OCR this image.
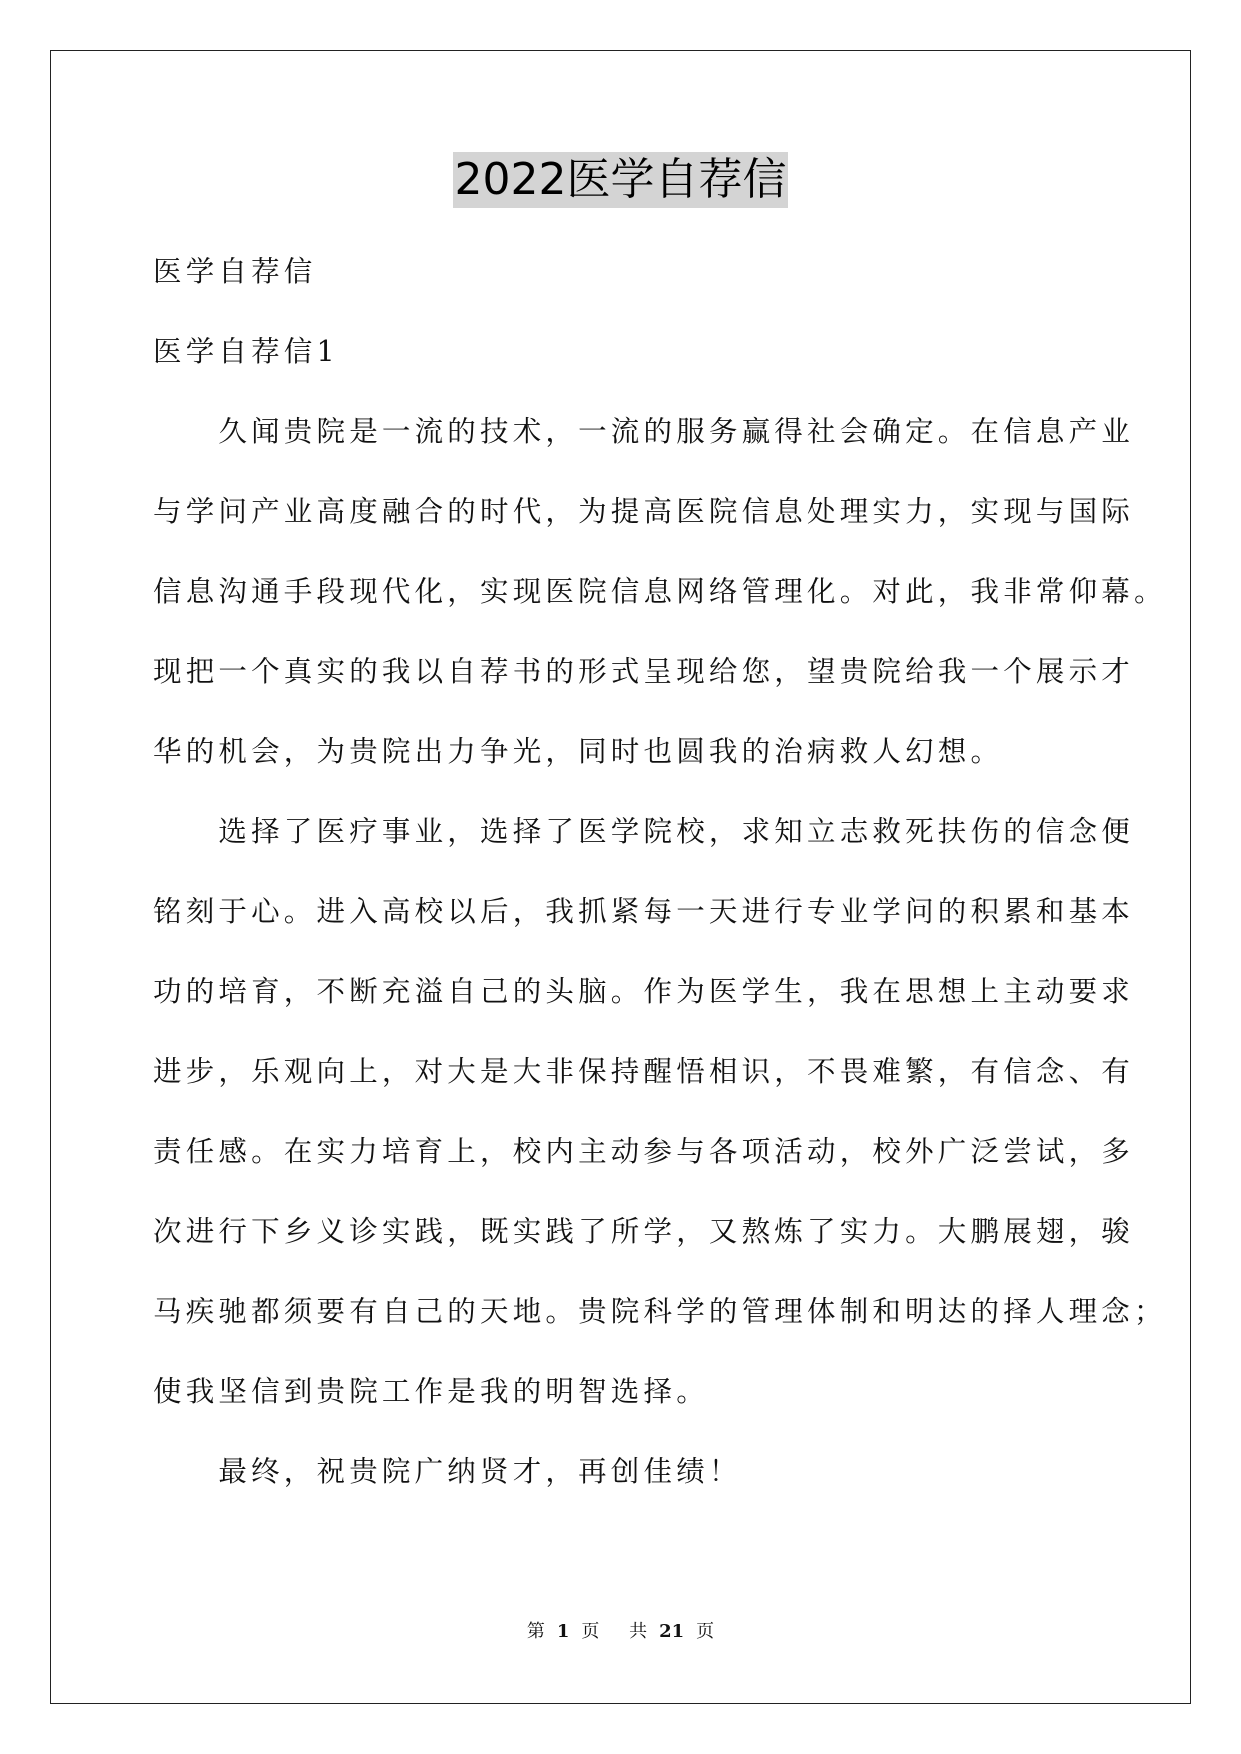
2022医学自荐信
医学自荐信
医学自荐信1
　　久闻贵院是一流的技术，一流的服务赢得社会确定。在信息产业
与学问产业高度融合的时代，为提高医院信息处理实力，实现与国际
信息沟通手段现代化，实现医院信息网络管理化。对此，我非常仰幕。
现把一个真实的我以自荐书的形式呈现给您，望贵院给我一个展示才
华的机会，为贵院出力争光，同时也圆我的治病救人幻想。
　　选择了医疗事业，选择了医学院校，求知立志救死扶伤的信念便
铭刻于心。进入高校以后，我抓紧每一天进行专业学问的积累和基本
功的培育，不断充溢自己的头脑。作为医学生，我在思想上主动要求
进步，乐观向上，对大是大非保持醒悟相识，不畏难繁，有信念、有
责任感。在实力培育上，校内主动参与各项活动，校外广泛尝试，多
次进行下乡义诊实践，既实践了所学，又熬炼了实力。大鹏展翅，骏
马疾驰都须要有自己的天地。贵院科学的管理体制和明达的择人理念；
使我坚信到贵院工作是我的明智选择。
　　最终，祝贵院广纳贤才，再创佳绩！
第 1 页 共 21 页
